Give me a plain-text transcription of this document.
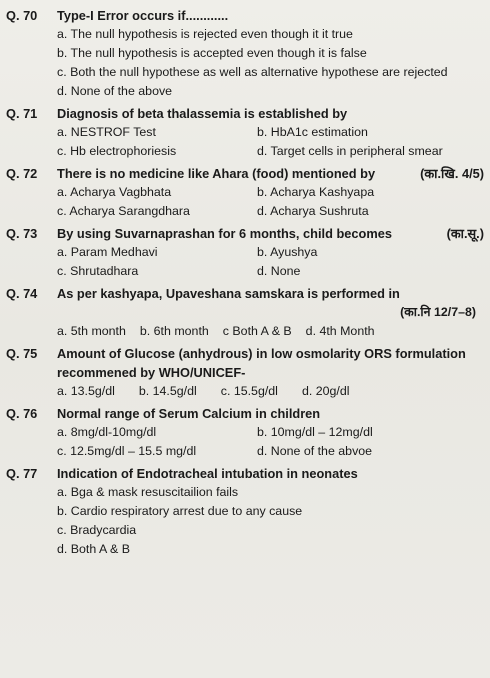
Q. 70	Type-I Error occurs if............
a. The null hypothesis is rejected even though it it true
b. The null hypothesis is accepted even though it is false
c. Both the null hypothese as well as alternative hypothese are rejected
d. None of the above
Q. 71	Diagnosis of beta thalassemia is established by
a. NESTROF Test	b. HbA1c estimation
c. Hb electrophoriesis	d. Target cells in peripheral smear
Q. 72	There is no medicine like Ahara (food) mentioned by	(का.खि. 4/5)
a. Acharya Vagbhata	b. Acharya Kashyapa
c. Acharya Sarangdhara	d. Acharya Sushruta
Q. 73	By using Suvarnaprashan for 6 months, child becomes	(का.सू.)
a. Param Medhavi	b. Ayushya
c. Shrutadhara	d. None
Q. 74	As per kashyapa, Upaveshana samskara is performed in
(का.नि 12/7–8)
a. 5th month b. 6th month c Both A & B d. 4th Month
Q. 75	Amount of Glucose (anhydrous) in low osmolarity ORS formulation recommened by WHO/UNICEF-
a. 13.5g/dl b. 14.5g/dl c. 15.5g/dl d. 20g/dl
Q. 76	Normal range of Serum Calcium in children
a. 8mg/dl-10mg/dl	b. 10mg/dl – 12mg/dl
c. 12.5mg/dl – 15.5 mg/dl	d. None of the abvoe
Q. 77	Indication of Endotracheal intubation in neonates
a. Bga & mask resuscitailion fails
b. Cardio respiratory arrest due to any cause
c. Bradycardia
d. Both A & B
